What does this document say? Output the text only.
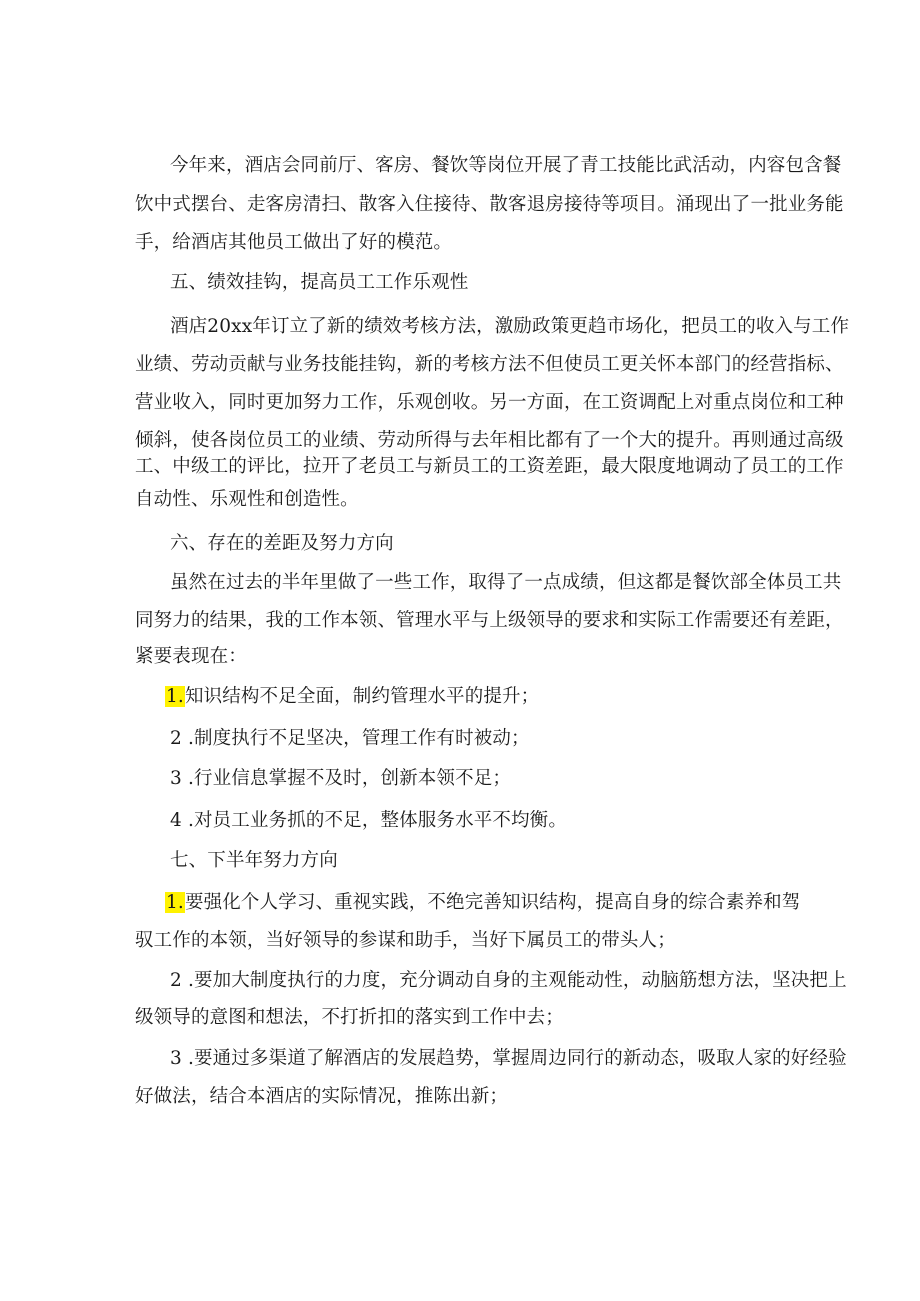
今年来，酒店会同前厅、客房、餐饮等岗位开展了青工技能比武活动，内容包含餐
饮中式摆台、走客房清扫、散客入住接待、散客退房接待等项目。涌现出了一批业务能
手，给酒店其他员工做出了好的模范。
五、绩效挂钩，提高员工工作乐观性
酒店20xx年订立了新的绩效考核方法，激励政策更趋市场化，把员工的收入与工作
业绩、劳动贡献与业务技能挂钩，新的考核方法不但使员工更关怀本部门的经营指标、
营业收入，同时更加努力工作，乐观创收。另一方面，在工资调配上对重点岗位和工种
倾斜，使各岗位员工的业绩、劳动所得与去年相比都有了一个大的提升。再则通过高级
工、中级工的评比，拉开了老员工与新员工的工资差距，最大限度地调动了员工的工作
自动性、乐观性和创造性。
六、存在的差距及努力方向
虽然在过去的半年里做了一些工作，取得了一点成绩，但这都是餐饮部全体员工共
同努力的结果，我的工作本领、管理水平与上级领导的要求和实际工作需要还有差距，
紧要表现在：
1.知识结构不足全面，制约管理水平的提升；
2 .制度执行不足坚决，管理工作有时被动；
3 .行业信息掌握不及时，创新本领不足；
4 .对员工业务抓的不足，整体服务水平不均衡。
七、下半年努力方向
1.要强化个人学习、重视实践，不绝完善知识结构，提高自身的综合素养和驾
驭工作的本领，当好领导的参谋和助手，当好下属员工的带头人；
2 .要加大制度执行的力度，充分调动自身的主观能动性，动脑筋想方法，坚决把上
级领导的意图和想法，不打折扣的落实到工作中去；
3 .要通过多渠道了解酒店的发展趋势，掌握周边同行的新动态，吸取人家的好经验
好做法，结合本酒店的实际情况，推陈出新；
